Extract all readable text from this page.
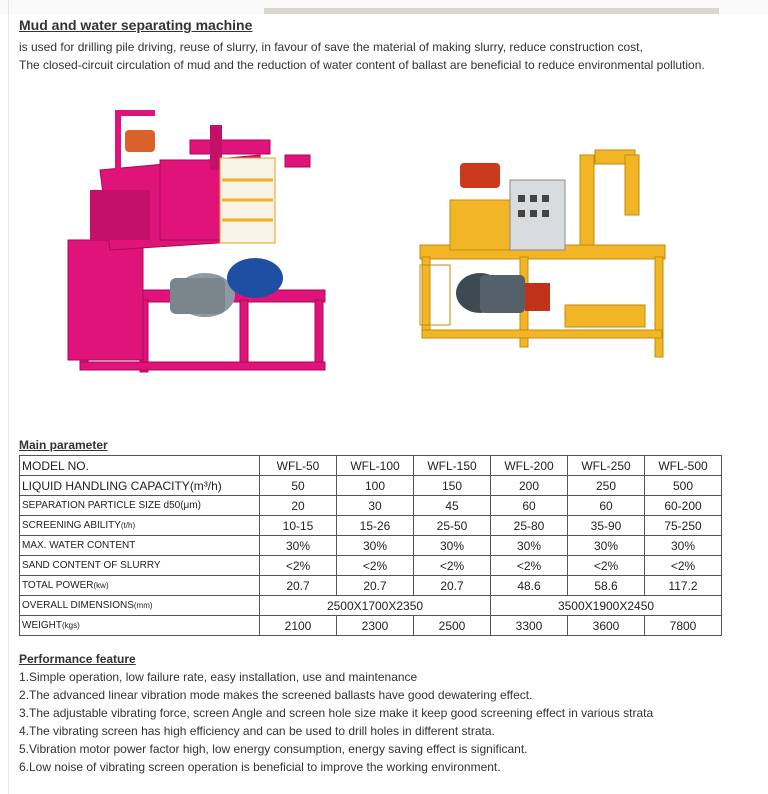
Mud and water separating machine
is used for drilling pile driving, reuse of slurry, in favour of save the material of making slurry, reduce construction cost,
The closed-circuit circulation of mud and the reduction of water content of ballast are beneficial to reduce environmental pollution.
Main parameter
MODEL NO.	WFL-50	WFL-100	WFL-150	WFL-200	WFL-250	WFL-500
LIQUID HANDLING CAPACITY(m³/h)	50	100	150	200	250	500
SEPARATION PARTICLE SIZE d50(μm)	20	30	45	60	60	60-200
SCREENING ABILITY(t/h)	10-15	15-26	25-50	25-80	35-90	75-250
MAX. WATER CONTENT	30%	30%	30%	30%	30%	30%
SAND CONTENT OF SLURRY	<2%	<2%	<2%	<2%	<2%	<2%
TOTAL POWER(kw)	20.7	20.7	20.7	48.6	58.6	117.2
OVERALL DIMENSIONS(mm)	2500X1700X2350			3500X1900X2450		
WEIGHT(kgs)	2100	2300	2500	3300	3600	7800
Performance feature
1.Simple operation, low failure rate, easy installation, use and maintenance
2.The advanced linear vibration mode makes the screened ballasts have good dewatering effect.
3.The adjustable vibrating force, screen Angle and screen hole size make it keep good screening effect in various strata
4.The vibrating screen has high efficiency and can be used to drill holes in different strata.
5.Vibration motor power factor high, low energy consumption, energy saving effect is significant.
6.Low noise of vibrating screen operation is beneficial to improve the working environment.
